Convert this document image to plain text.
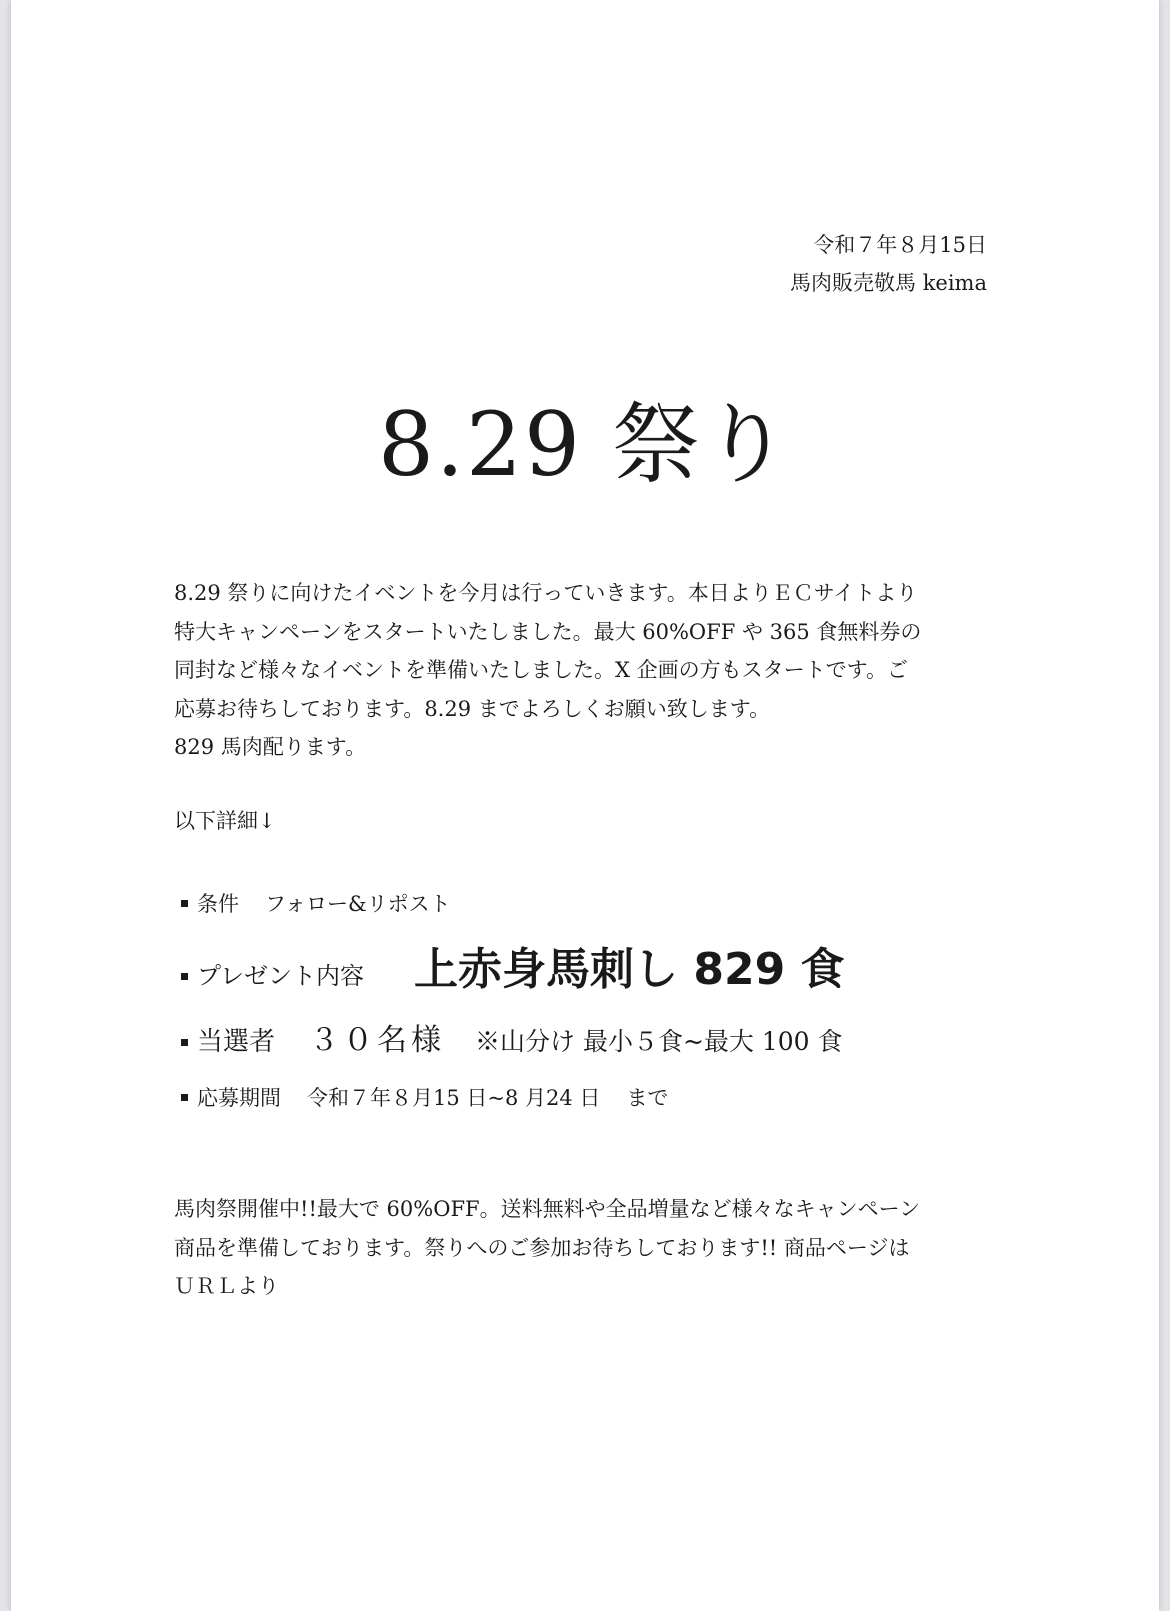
令和７年８月15日
馬肉販売敬馬 keima
8.29 祭り

8.29 祭りに向けたイベントを今月は行っていきます。本日よりＥＣサイトより
特大キャンペーンをスタートいたしました。最大 60%OFF や 365 食無料券の
同封など様々なイベントを準備いたしました。X 企画の方もスタートです。ご
応募お待ちしております。8.29 までよろしくお願い致します。
829 馬肉配ります。

以下詳細↓
条件 フォロー&リポスト
プレゼント内容 上赤身馬刺し 829 食
当選者 ３０名様 ※山分け 最小５食~最大 100 食
応募期間 令和７年８月15 日~8 月24 日 まで

馬肉祭開催中!!最大で 60%OFF。送料無料や全品増量など様々なキャンペーン
商品を準備しております。祭りへのご参加お待ちしております!! 商品ページは
ＵＲＬより
